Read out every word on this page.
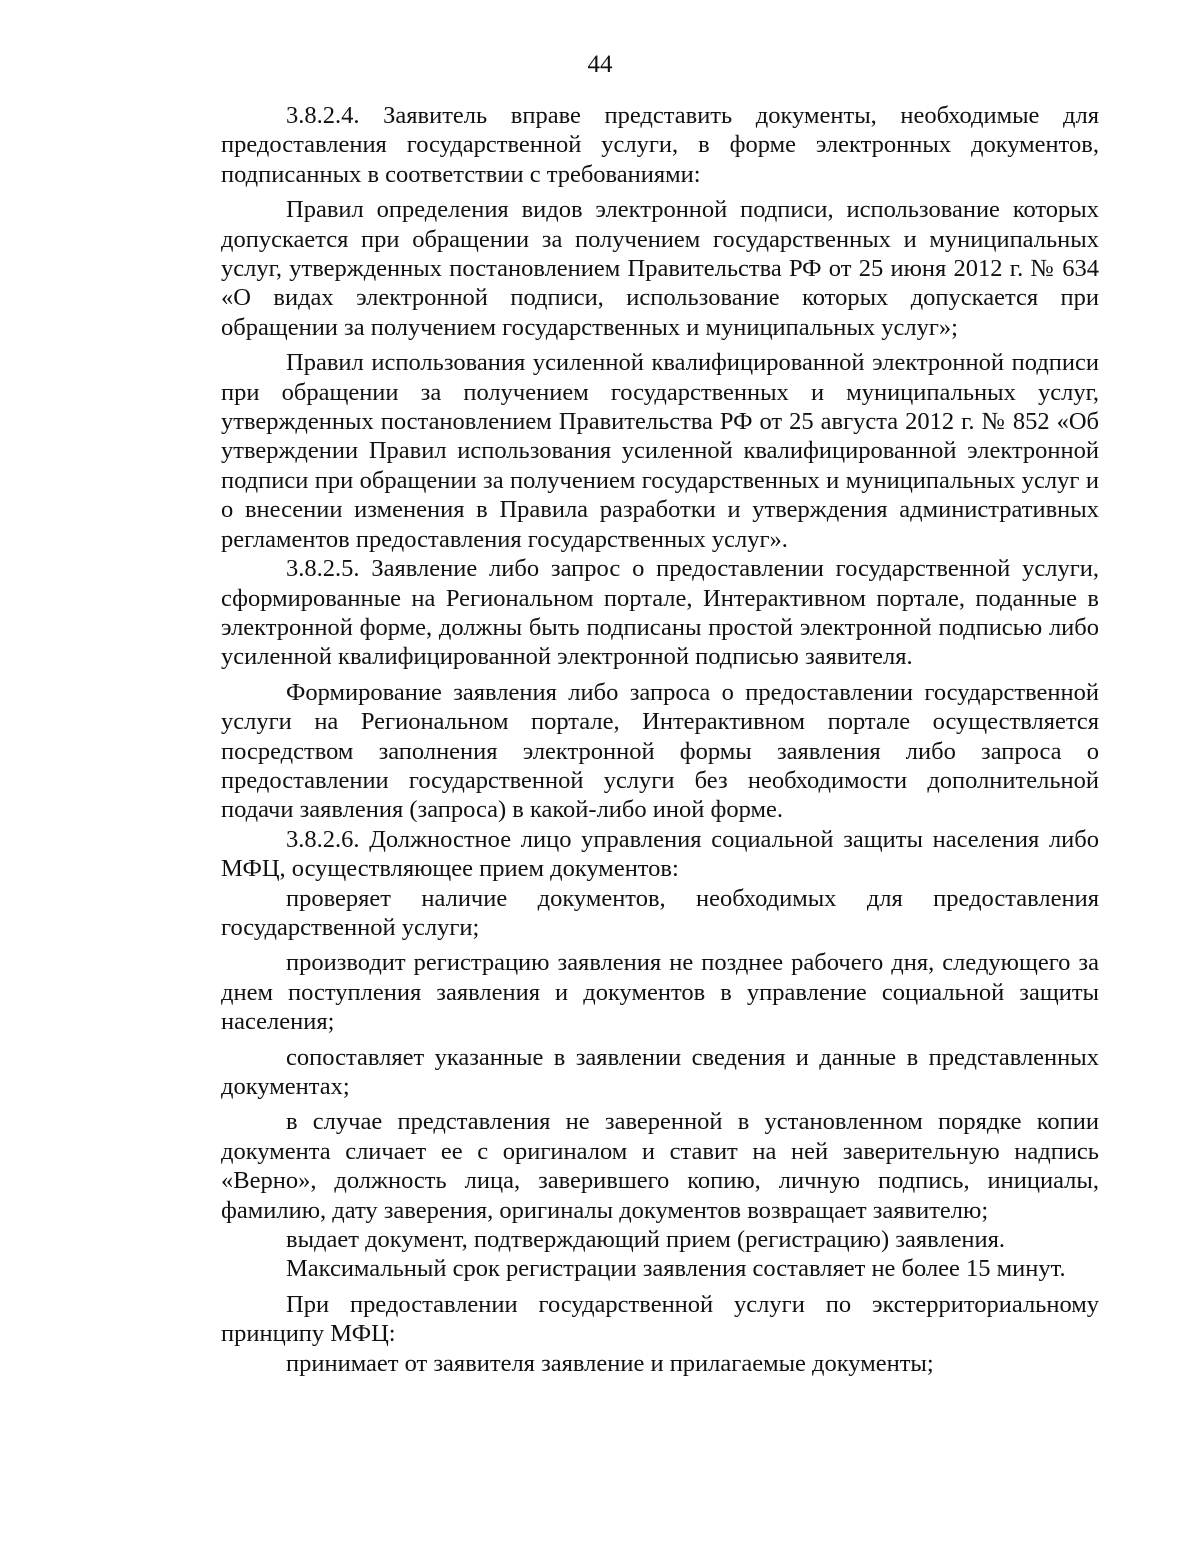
44

3.8.2.4. Заявитель вправе представить документы, необходимые для предоставления государственной услуги, в форме электронных документов, подписанных в соответствии с требованиями:

Правил определения видов электронной подписи, использование которых допускается при обращении за получением государственных и муниципальных услуг, утвержденных постановлением Правительства РФ от 25 июня 2012 г. № 634 «О видах электронной подписи, использование которых допускается при обращении за получением государственных и муниципальных услуг»;

Правил использования усиленной квалифицированной электронной подписи при обращении за получением государственных и муниципальных услуг, утвержденных постановлением Правительства РФ от 25 августа 2012 г. № 852 «Об утверждении Правил использования усиленной квалифицированной электронной подписи при обращении за получением государственных и муниципальных услуг и о внесении изменения в Правила разработки и утверждения административных регламентов предоставления государственных услуг».

3.8.2.5. Заявление либо запрос о предоставлении государственной услуги, сформированные на Региональном портале, Интерактивном портале, поданные в электронной форме, должны быть подписаны простой электронной подписью либо усиленной квалифицированной электронной подписью заявителя.

Формирование заявления либо запроса о предоставлении государственной услуги на Региональном портале, Интерактивном портале осуществляется посредством заполнения электронной формы заявления либо запроса о предоставлении государственной услуги без необходимости дополнительной подачи заявления (запроса) в какой-либо иной форме.

3.8.2.6. Должностное лицо управления социальной защиты населения либо МФЦ, осуществляющее прием документов:

проверяет наличие документов, необходимых для предоставления государственной услуги;

производит регистрацию заявления не позднее рабочего дня, следующего за днем поступления заявления и документов в управление социальной защиты населения;

сопоставляет указанные в заявлении сведения и данные в представленных документах;

в случае представления не заверенной в установленном порядке копии документа сличает ее с оригиналом и ставит на ней заверительную надпись «Верно», должность лица, заверившего копию, личную подпись, инициалы, фамилию, дату заверения, оригиналы документов возвращает заявителю;

выдает документ, подтверждающий прием (регистрацию) заявления.

Максимальный срок регистрации заявления составляет не более 15 минут.

При предоставлении государственной услуги по экстерриториальному принципу МФЦ:

принимает от заявителя заявление и прилагаемые документы;
